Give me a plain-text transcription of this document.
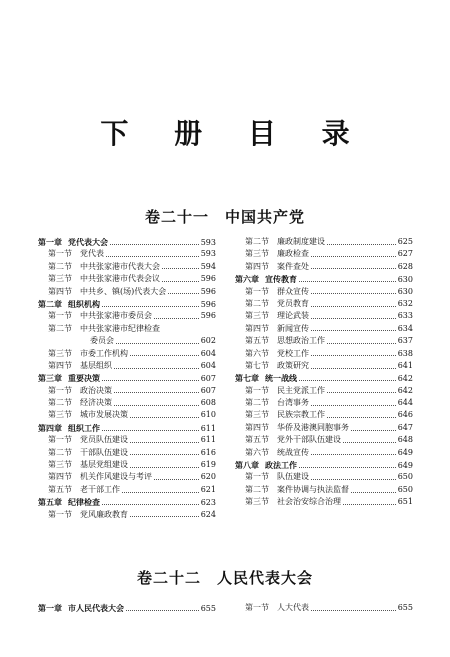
下 册 目 录
卷二十一 中国共产党
第一章 党代表大会	593
第一节 党代表	593
第二节 中共张家港市代表大会	594
第三节 中共张家港市代表会议	596
第四节 中共乡、镇(场)代表大会	596
第二章 组织机构	596
第一节 中共张家港市委员会	596
第二节 中共张家港市纪律检查
委员会	602
第三节 市委工作机构	604
第四节 基层组织	604
第三章 重要决策	607
第一节 政治决策	607
第二节 经济决策	608
第三节 城市发展决策	610
第四章 组织工作	611
第一节 党员队伍建设	611
第二节 干部队伍建设	616
第三节 基层党组建设	619
第四节 机关作风建设与考评	620
第五节 老干部工作	621
第五章 纪律检查	623
第一节 党风廉政教育	624
第二节 廉政制度建设	625
第三节 廉政检查	627
第四节 案件查处	628
第六章 宣传教育	630
第一节 群众宣传	630
第二节 党员教育	632
第三节 理论武装	633
第四节 新闻宣传	634
第五节 思想政治工作	637
第六节 党校工作	638
第七节 政策研究	641
第七章 统一战线	642
第一节 民主党派工作	642
第二节 台湾事务	644
第三节 民族宗教工作	646
第四节 华侨及港澳同胞事务	647
第五节 党外干部队伍建设	648
第六节 统战宣传	649
第八章 政法工作	649
第一节 队伍建设	650
第二节 案件协调与执法监督	650
第三节 社会治安综合治理	651
卷二十二 人民代表大会
第一章 市人民代表大会	655	第一节 人大代表	655
